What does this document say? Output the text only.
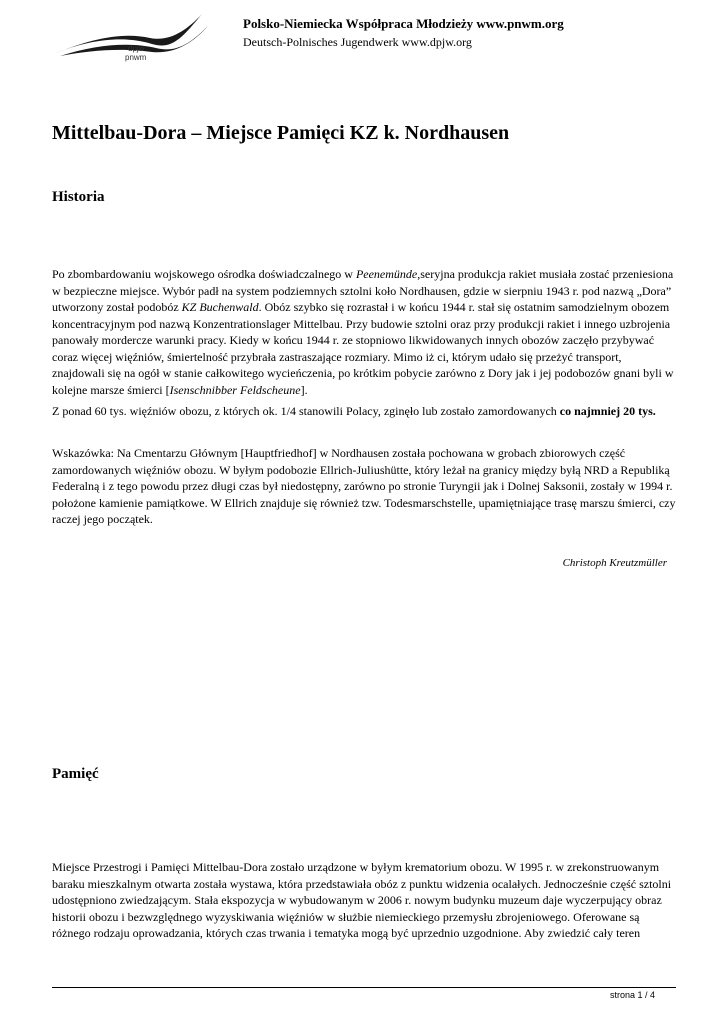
dpjw
pnwm
Polsko-Niemiecka Współpraca Młodzieży www.pnwm.org
Deutsch-Polnisches Jugendwerk www.dpjw.org
Mittelbau-Dora – Miejsce Pamięci KZ k. Nordhausen
Historia

Po zbombardowaniu wojskowego ośrodka doświadczalnego w Peenemünde,seryjna produkcja rakiet musiała zostać przeniesiona w bezpieczne miejsce. Wybór padł na system podziemnych sztolni koło Nordhausen, gdzie w sierpniu 1943 r. pod nazwą „Dora” utworzony został podobóz KZ Buchenwald. Obóz szybko się rozrastał i w końcu 1944 r. stał się ostatnim samodzielnym obozem koncentracyjnym pod nazwą Konzentrationslager Mittelbau. Przy budowie sztolni oraz przy produkcji rakiet i innego uzbrojenia panowały mordercze warunki pracy. Kiedy w końcu 1944 r. ze stopniowo likwidowanych innych obozów zaczęło przybywać coraz więcej więźniów, śmiertelność przybrała zastraszające rozmiary. Mimo iż ci, którym udało się przeżyć transport, znajdowali się na ogół w stanie całkowitego wycieńczenia, po krótkim pobycie zarówno z Dory jak i jej podobozów gnani byli w kolejne marsze śmierci [Isenschnibber Feldscheune].

Z ponad 60 tys. więźniów obozu, z których ok. 1/4 stanowili Polacy, zginęło lub zostało zamordowanych co najmniej 20 tys.

Wskazówka: Na Cmentarzu Głównym [Hauptfriedhof] w Nordhausen została pochowana w grobach zbiorowych część zamordowanych więźniów obozu. W byłym podobozie Ellrich-Juliushütte, który leżał na granicy między byłą NRD a Republiką Federalną i z tego powodu przez długi czas był niedostępny, zarówno po stronie Turyngii jak i Dolnej Saksonii, zostały w 1994 r. położone kamienie pamiątkowe. W Ellrich znajduje się również tzw. Todesmarschstelle, upamiętniające trasę marszu śmierci, czy raczej jego początek.

Christoph Kreutzmüller
Pamięć

Miejsce Przestrogi i Pamięci Mittelbau-Dora zostało urządzone w byłym krematorium obozu. W 1995 r. w zrekonstruowanym baraku mieszkalnym otwarta została wystawa, która przedstawiała obóz z punktu widzenia ocalałych. Jednocześnie część sztolni udostępniono zwiedzającym. Stała ekspozycja w wybudowanym w 2006 r. nowym budynku muzeum daje wyczerpujący obraz historii obozu i bezwzględnego wyzyskiwania więźniów w służbie niemieckiego przemysłu zbrojeniowego. Oferowane są różnego rodzaju oprowadzania, których czas trwania i tematyka mogą być uprzednio uzgodnione. Aby zwiedzić cały teren

strona 1 / 4
